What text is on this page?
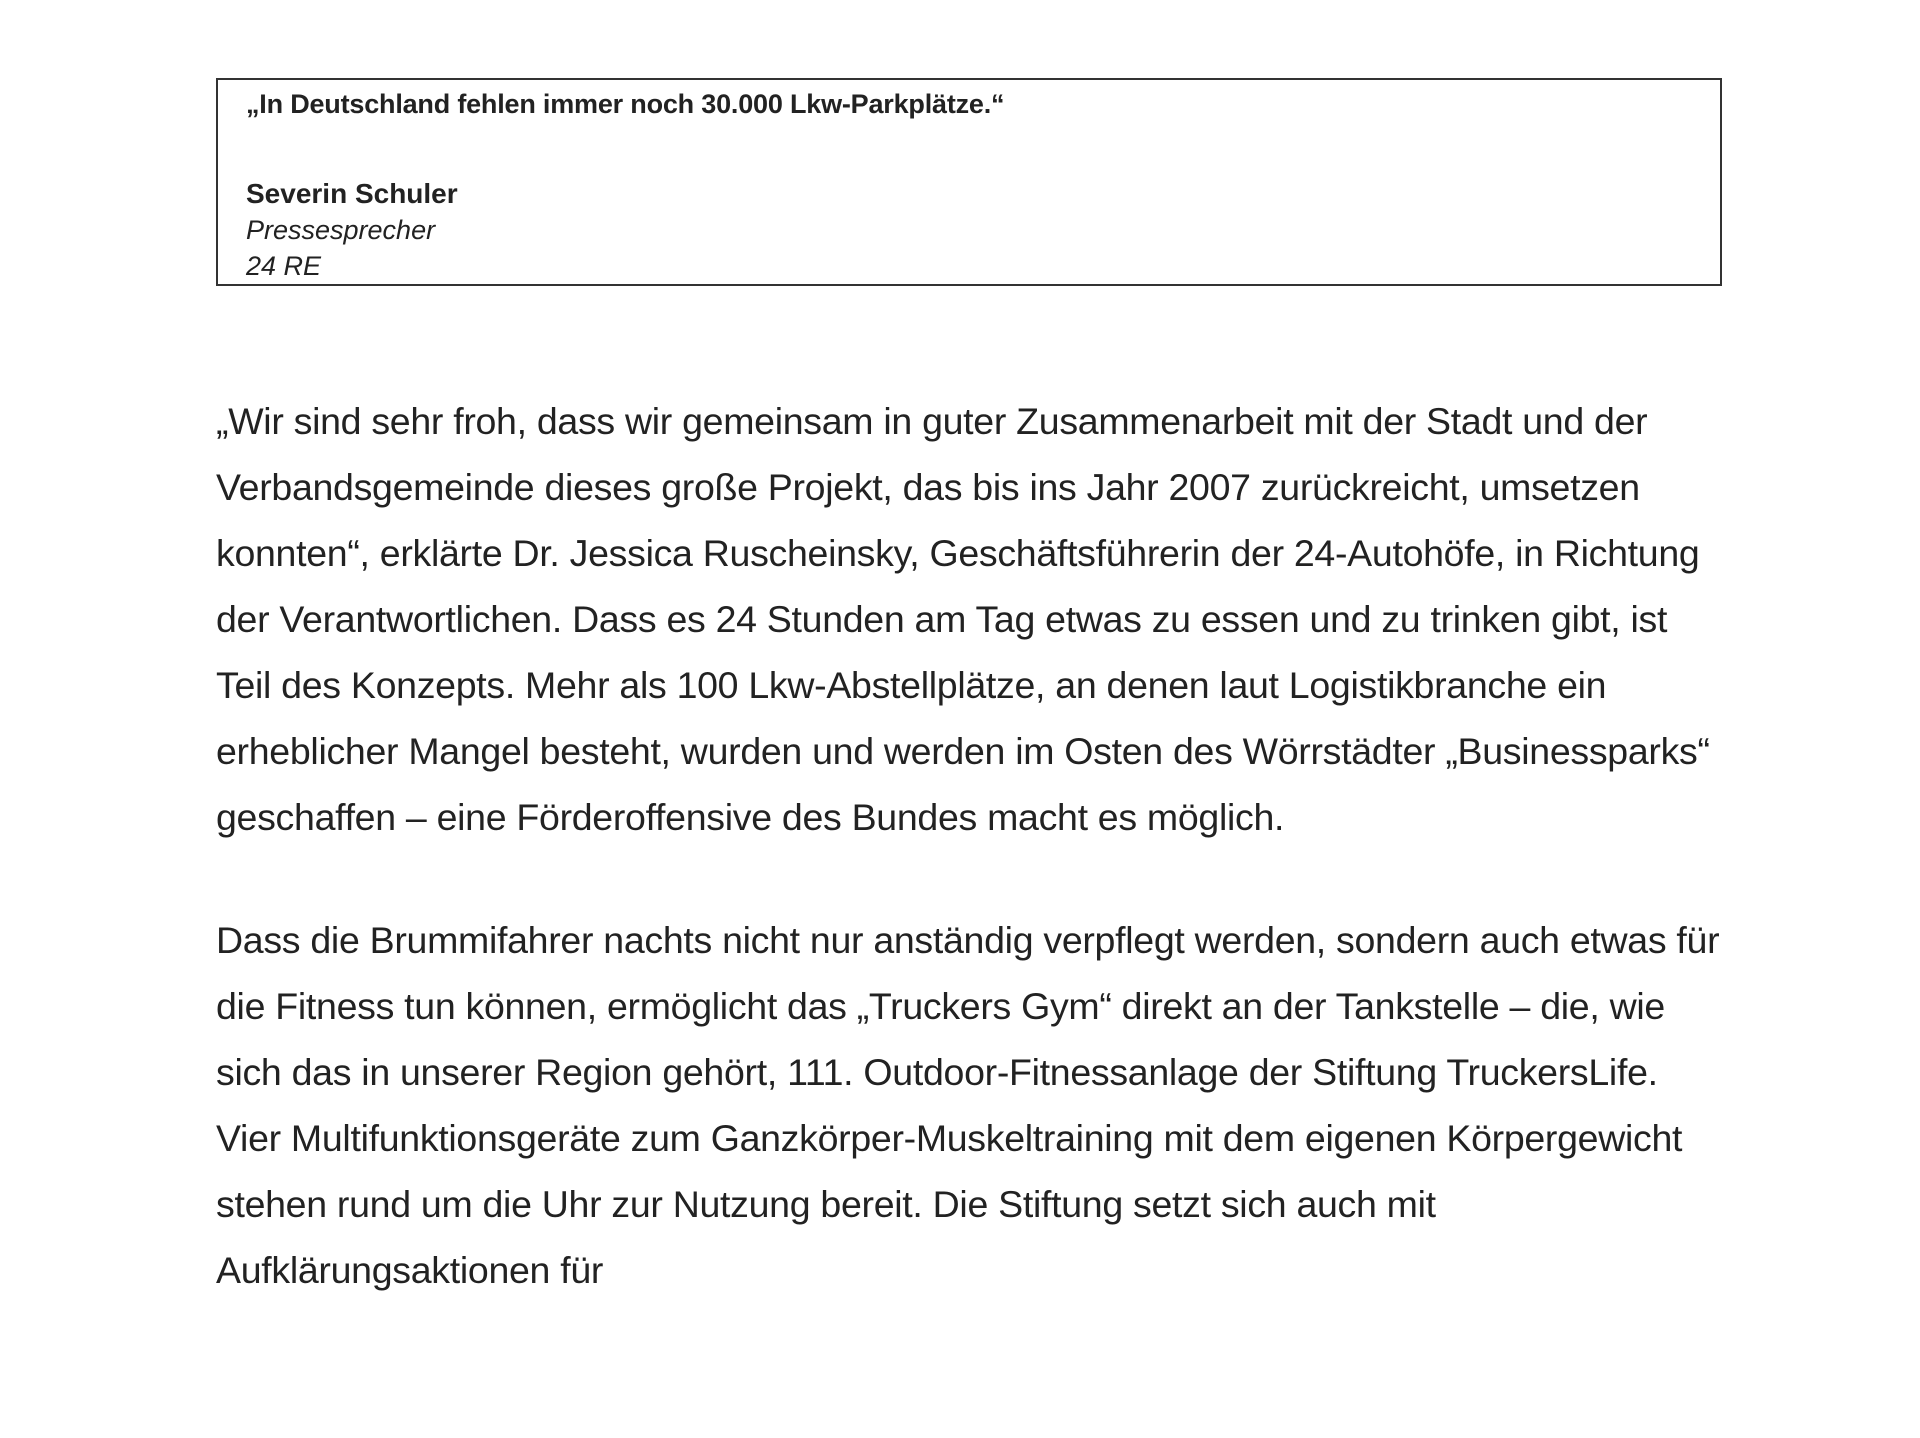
„In Deutschland fehlen immer noch 30.000 Lkw-Parkplätze.“

Severin Schuler
Pressesprecher
24 RE

„Wir sind sehr froh, dass wir gemeinsam in guter Zusammenarbeit mit der Stadt und der Verbandsgemeinde dieses große Projekt, das bis ins Jahr 2007 zurückreicht, umsetzen konnten“, erklärte Dr. Jessica Ruscheinsky, Geschäftsführerin der 24-Autohöfe, in Richtung der Verantwortlichen. Dass es 24 Stunden am Tag etwas zu essen und zu trinken gibt, ist Teil des Konzepts. Mehr als 100 Lkw-Abstellplätze, an denen laut Logistikbranche ein erheblicher Mangel besteht, wurden und werden im Osten des Wörrstädter „Businessparks“ geschaffen – eine Förderoffensive des Bundes macht es möglich.

Dass die Brummifahrer nachts nicht nur anständig verpflegt werden, sondern auch etwas für die Fitness tun können, ermöglicht das „Truckers Gym“ direkt an der Tankstelle – die, wie sich das in unserer Region gehört, 111. Outdoor-Fitnessanlage der Stiftung TruckersLife. Vier Multifunktionsgeräte zum Ganzkörper-Muskeltraining mit dem eigenen Körpergewicht stehen rund um die Uhr zur Nutzung bereit. Die Stiftung setzt sich auch mit Aufklärungsaktionen für
